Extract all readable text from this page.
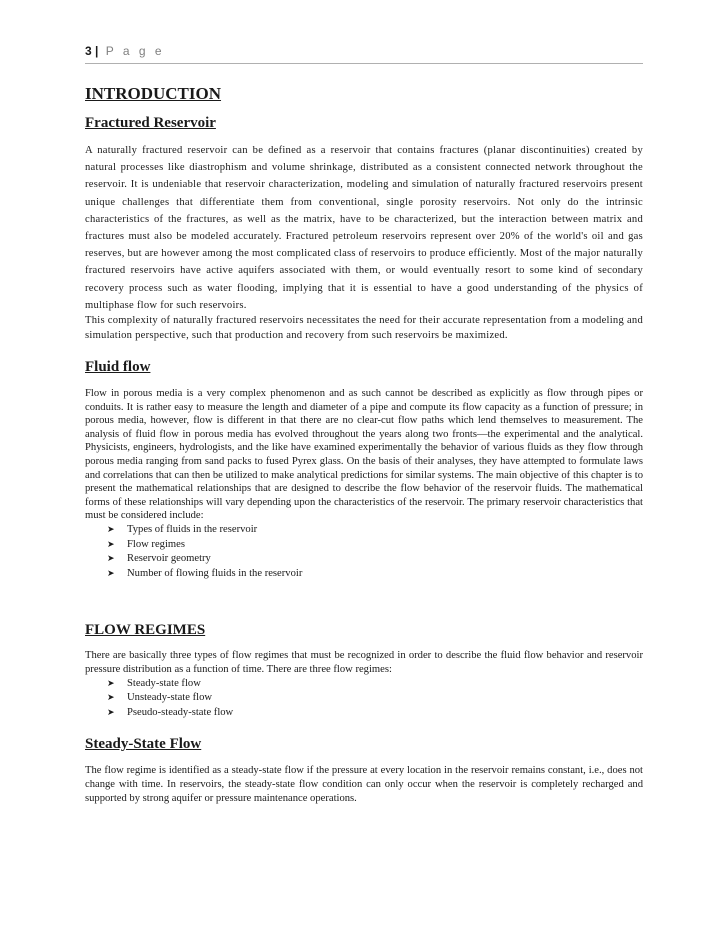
3 | P a g e
INTRODUCTION
Fractured Reservoir

A naturally fractured reservoir can be defined as a reservoir that contains fractures (planar discontinuities) created by natural processes like diastrophism and volume shrinkage, distributed as a consistent connected network throughout the reservoir. It is undeniable that reservoir characterization, modeling and simulation of naturally fractured reservoirs present unique challenges that differentiate them from conventional, single porosity reservoirs. Not only do the intrinsic characteristics of the fractures, as well as the matrix, have to be characterized, but the interaction between matrix and fractures must also be modeled accurately. Fractured petroleum reservoirs represent over 20% of the world's oil and gas reserves, but are however among the most complicated class of reservoirs to produce efficiently. Most of the major naturally fractured reservoirs have active aquifers associated with them, or would eventually resort to some kind of secondary recovery process such as water flooding, implying that it is essential to have a good understanding of the physics of multiphase flow for such reservoirs.

This complexity of naturally fractured reservoirs necessitates the need for their accurate representation from a modeling and simulation perspective, such that production and recovery from such reservoirs be maximized.

Fluid flow

Flow in porous media is a very complex phenomenon and as such cannot be described as explicitly as flow through pipes or conduits. It is rather easy to measure the length and diameter of a pipe and compute its flow capacity as a function of pressure; in porous media, however, flow is different in that there are no clear-cut flow paths which lend themselves to measurement. The analysis of fluid flow in porous media has evolved throughout the years along two fronts—the experimental and the analytical. Physicists, engineers, hydrologists, and the like have examined experimentally the behavior of various fluids as they flow through porous media ranging from sand packs to fused Pyrex glass. On the basis of their analyses, they have attempted to formulate laws and correlations that can then be utilized to make analytical predictions for similar systems. The main objective of this chapter is to present the mathematical relationships that are designed to describe the flow behavior of the reservoir fluids. The mathematical forms of these relationships will vary depending upon the characteristics of the reservoir. The primary reservoir characteristics that must be considered include:

➤ Types of fluids in the reservoir
➤ Flow regimes
➤ Reservoir geometry
➤ Number of flowing fluids in the reservoir
FLOW REGIMES

There are basically three types of flow regimes that must be recognized in order to describe the fluid flow behavior and reservoir pressure distribution as a function of time. There are three flow regimes:

➤ Steady-state flow
➤ Unsteady-state flow
➤ Pseudo-steady-state flow
Steady-State Flow

The flow regime is identified as a steady-state flow if the pressure at every location in the reservoir remains constant, i.e., does not change with time. In reservoirs, the steady-state flow condition can only occur when the reservoir is completely recharged and supported by strong aquifer or pressure maintenance operations.
